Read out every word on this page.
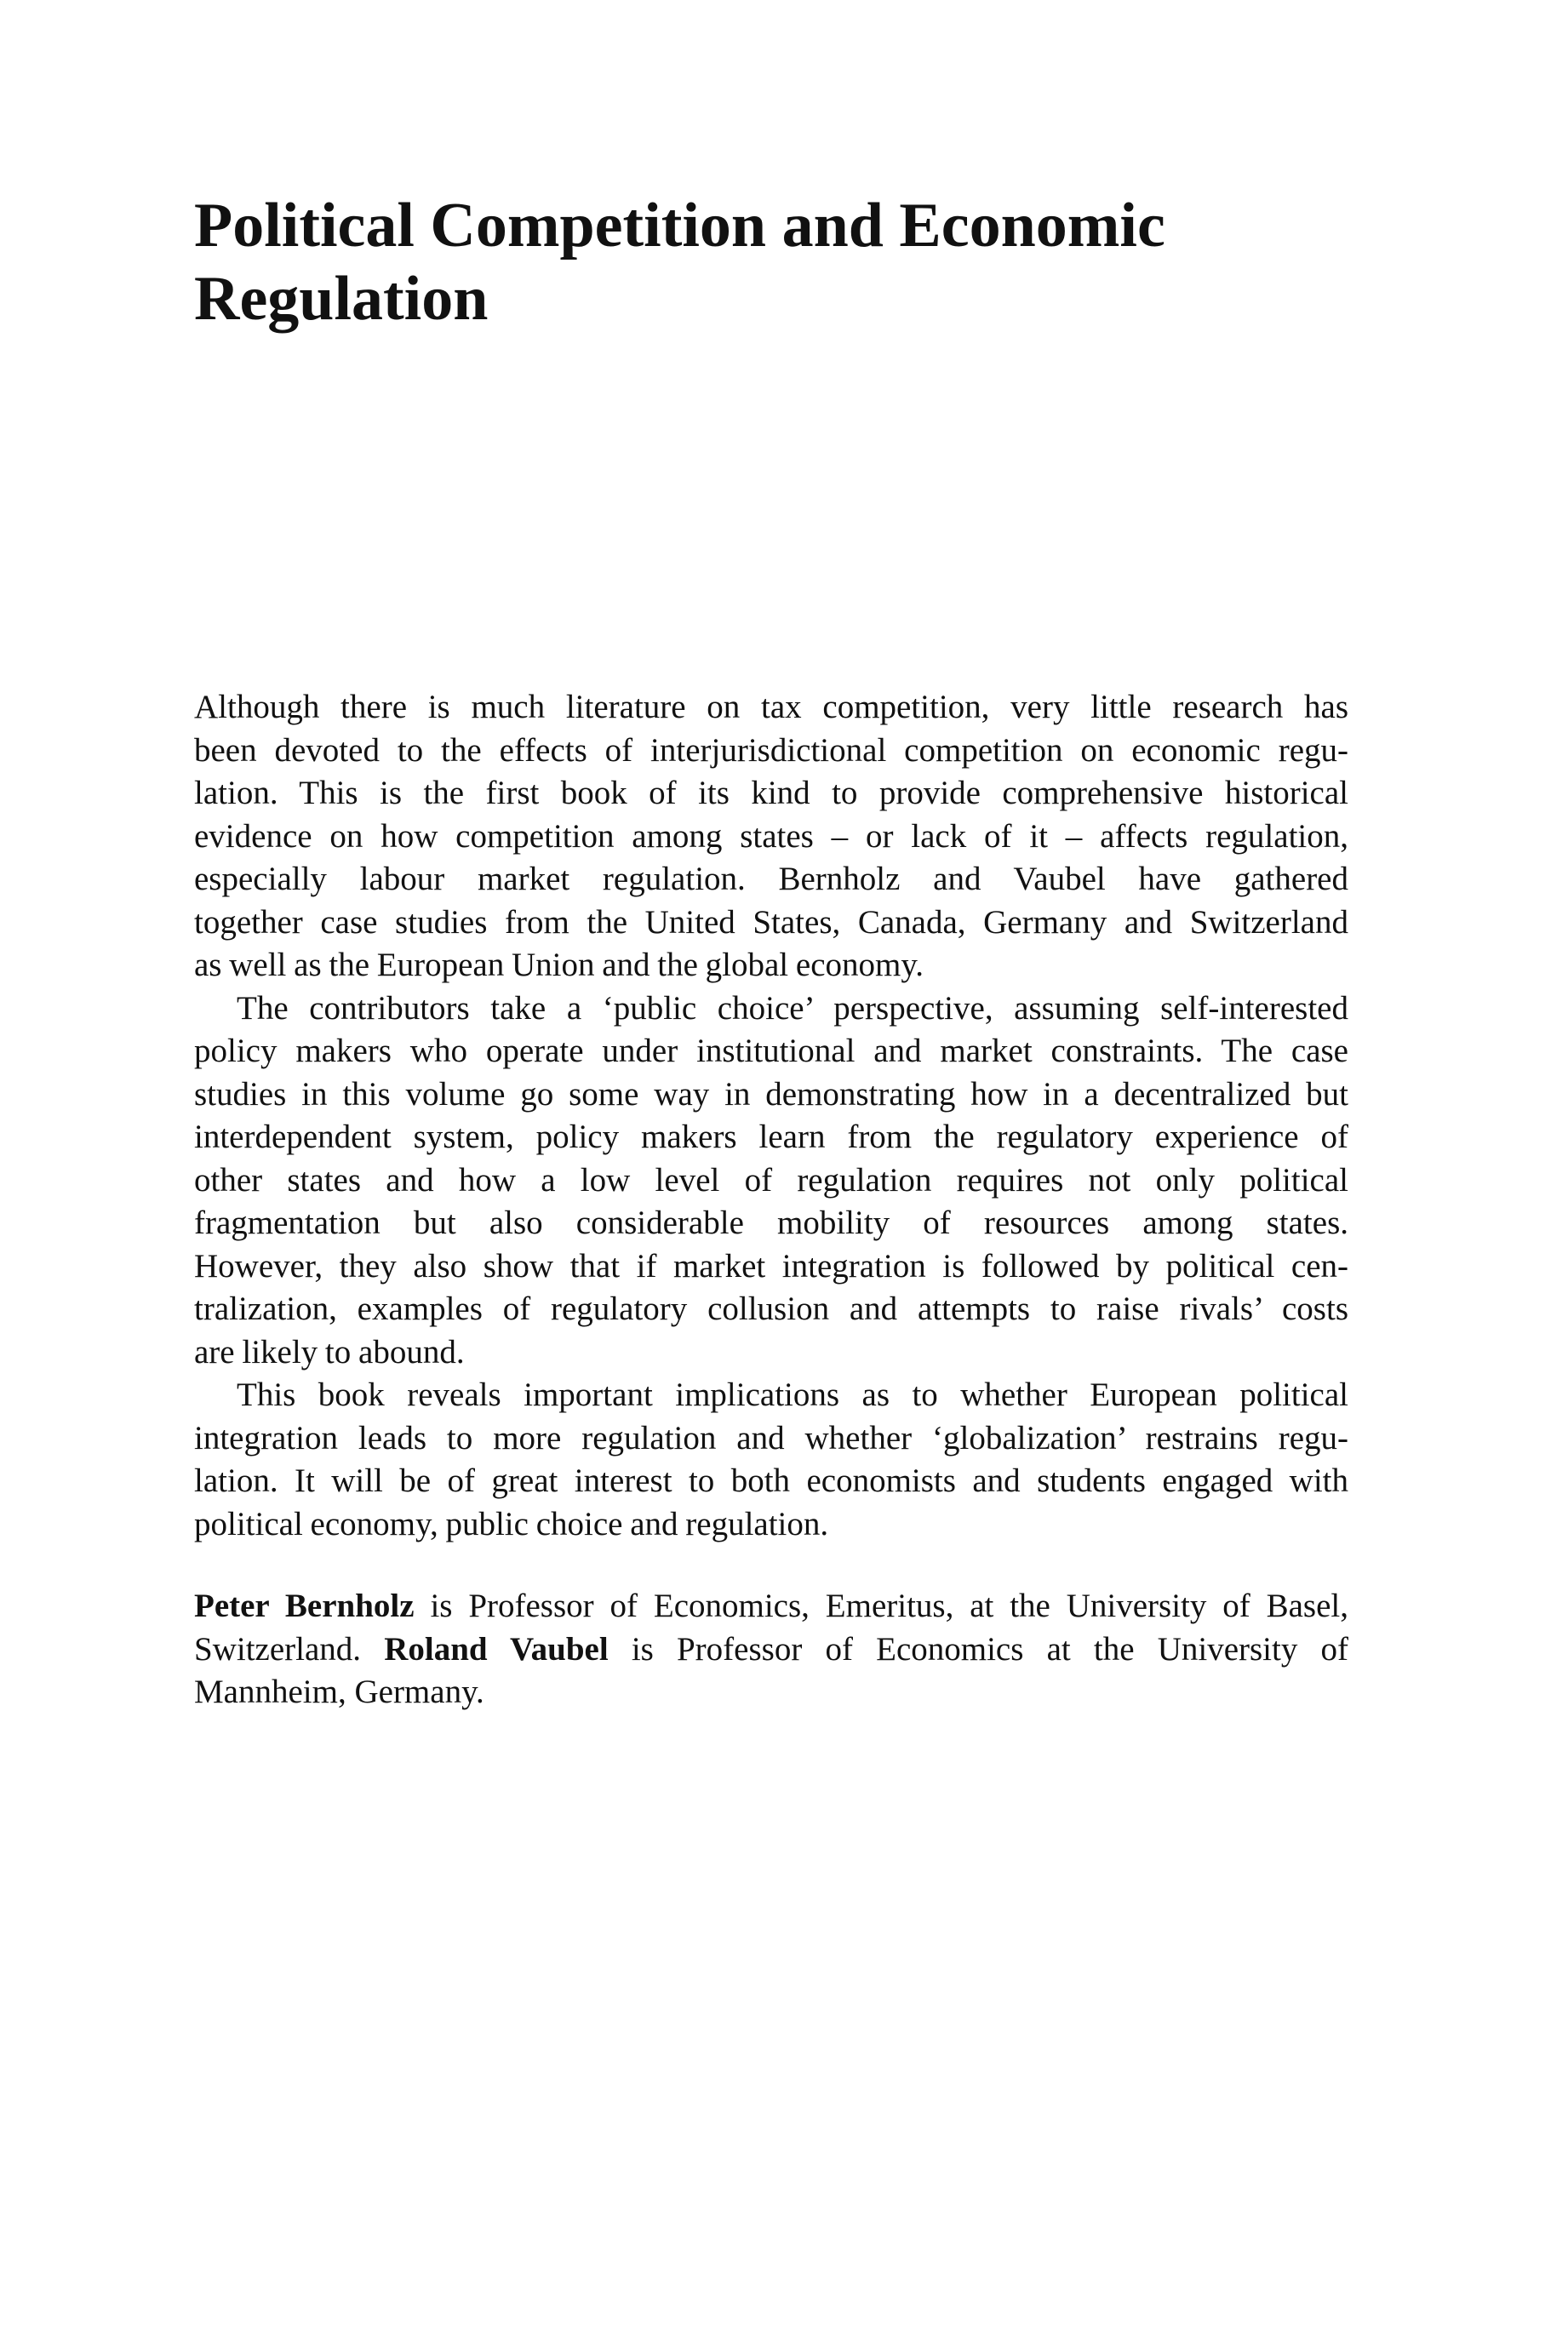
Political Competition and Economic
Regulation

Although there is much literature on tax competition, very little research has
been devoted to the effects of interjurisdictional competition on economic regu-
lation. This is the first book of its kind to provide comprehensive historical
evidence on how competition among states – or lack of it – affects regulation,
especially labour market regulation. Bernholz and Vaubel have gathered
together case studies from the United States, Canada, Germany and Switzerland
as well as the European Union and the global economy.

The contributors take a ‘public choice’ perspective, assuming self-interested
policy makers who operate under institutional and market constraints. The case
studies in this volume go some way in demonstrating how in a decentralized but
interdependent system, policy makers learn from the regulatory experience of
other states and how a low level of regulation requires not only political
fragmentation but also considerable mobility of resources among states.
However, they also show that if market integration is followed by political cen-
tralization, examples of regulatory collusion and attempts to raise rivals’ costs
are likely to abound.

This book reveals important implications as to whether European political
integration leads to more regulation and whether ‘globalization’ restrains regu-
lation. It will be of great interest to both economists and students engaged with
political economy, public choice and regulation.

Peter Bernholz is Professor of Economics, Emeritus, at the University of Basel,
Switzerland. Roland Vaubel is Professor of Economics at the University of
Mannheim, Germany.
